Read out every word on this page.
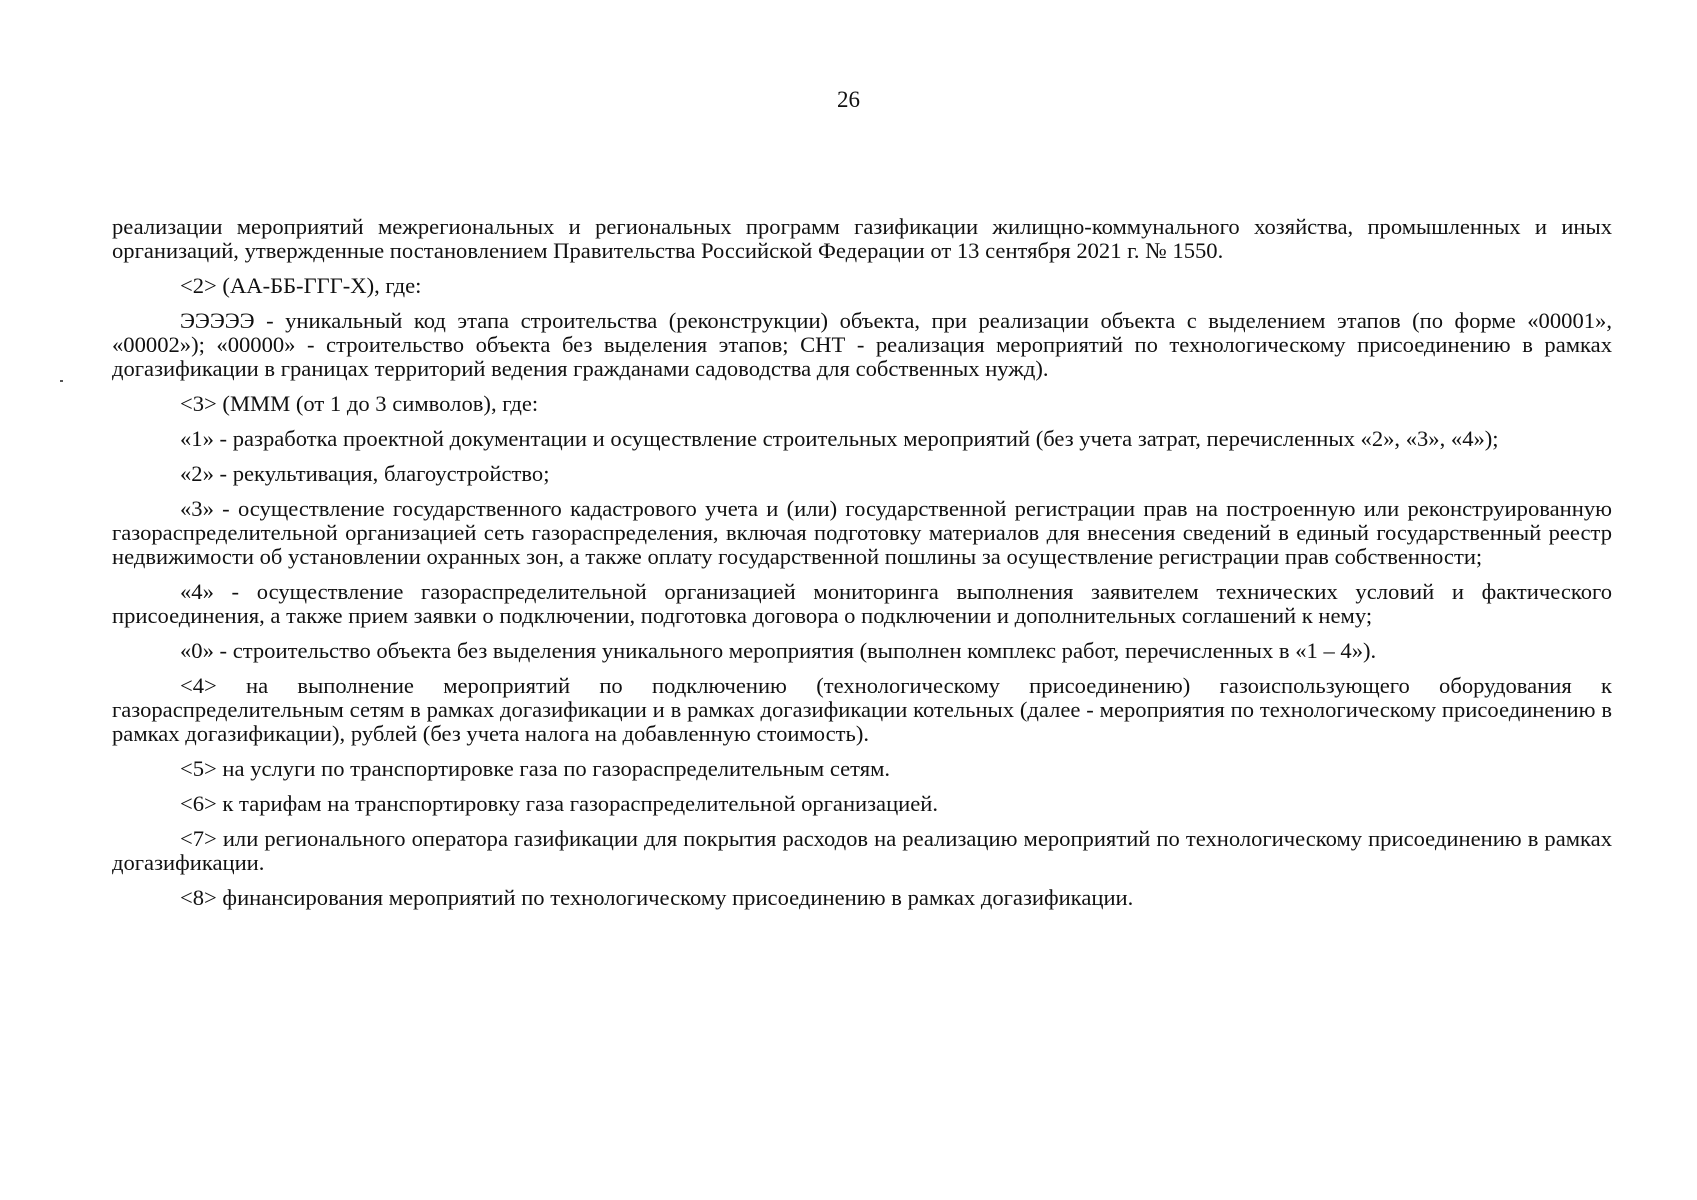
26

реализации мероприятий межрегиональных и региональных программ газификации жилищно-коммунального хозяйства, промышленных и иных организаций, утвержденные постановлением Правительства Российской Федерации от 13 сентября 2021 г. № 1550.

<2> (АА-ББ-ГГГ-Х), где:

ЭЭЭЭЭ - уникальный код этапа строительства (реконструкции) объекта, при реализации объекта с выделением этапов (по форме «00001», «00002»); «00000» - строительство объекта без выделения этапов; СНТ - реализация мероприятий по технологическому присоединению в рамках догазификации в границах территорий ведения гражданами садоводства для собственных нужд).

<3> (МММ (от 1 до 3 символов), где:

«1» - разработка проектной документации и осуществление строительных мероприятий (без учета затрат, перечисленных «2», «3», «4»);

«2» - рекультивация, благоустройство;

«3» - осуществление государственного кадастрового учета и (или) государственной регистрации прав на построенную или реконструированную газораспределительной организацией сеть газораспределения, включая подготовку материалов для внесения сведений в единый государственный реестр недвижимости об установлении охранных зон, а также оплату государственной пошлины за осуществление регистрации прав собственности;

«4» - осуществление газораспределительной организацией мониторинга выполнения заявителем технических условий и фактического присоединения, а также прием заявки о подключении, подготовка договора о подключении и дополнительных соглашений к нему;

«0» - строительство объекта без выделения уникального мероприятия (выполнен комплекс работ, перечисленных в «1 – 4»).

<4> на выполнение мероприятий по подключению (технологическому присоединению) газоиспользующего оборудования к газораспределительным сетям в рамках догазификации и в рамках догазификации котельных (далее - мероприятия по технологическому присоединению в рамках догазификации), рублей (без учета налога на добавленную стоимость).

<5> на услуги по транспортировке газа по газораспределительным сетям.

<6> к тарифам на транспортировку газа газораспределительной организацией.

<7> или регионального оператора газификации для покрытия расходов на реализацию мероприятий по технологическому присоединению в рамках догазификации.

<8> финансирования мероприятий по технологическому присоединению в рамках догазификации.
